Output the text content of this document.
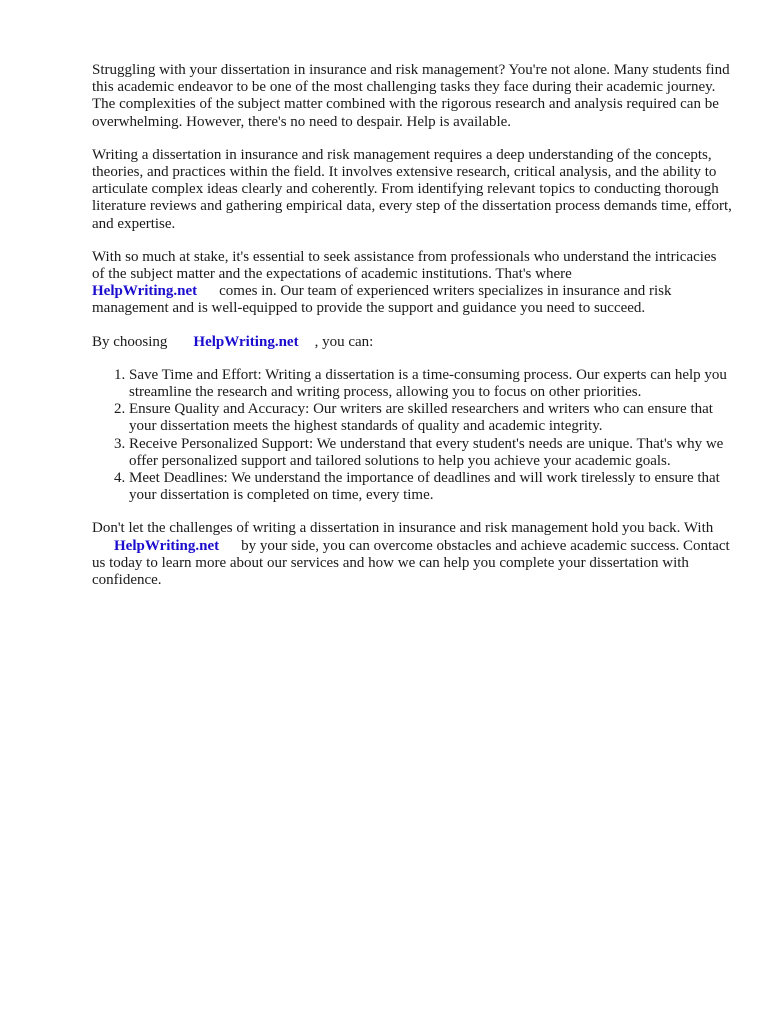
Struggling with your dissertation in insurance and risk management? You're not alone. Many students find this academic endeavor to be one of the most challenging tasks they face during their academic journey. The complexities of the subject matter combined with the rigorous research and analysis required can be overwhelming. However, there's no need to despair. Help is available.

Writing a dissertation in insurance and risk management requires a deep understanding of the concepts, theories, and practices within the field. It involves extensive research, critical analysis, and the ability to articulate complex ideas clearly and coherently. From identifying relevant topics to conducting thorough literature reviews and gathering empirical data, every step of the dissertation process demands time, effort, and expertise.

With so much at stake, it's essential to seek assistance from professionals who understand the intricacies of the subject matter and the expectations of academic institutions. That's where
HelpWriting.net comes in. Our team of experienced writers specializes in insurance and risk management and is well-equipped to provide the support and guidance you need to succeed.

By choosing HelpWriting.net , you can:

1. Save Time and Effort: Writing a dissertation is a time-consuming process. Our experts can help you streamline the research and writing process, allowing you to focus on other priorities.
2. Ensure Quality and Accuracy: Our writers are skilled researchers and writers who can ensure that your dissertation meets the highest standards of quality and academic integrity.
3. Receive Personalized Support: We understand that every student's needs are unique. That's why we offer personalized support and tailored solutions to help you achieve your academic goals.
4. Meet Deadlines: We understand the importance of deadlines and will work tirelessly to ensure that your dissertation is completed on time, every time.

Don't let the challenges of writing a dissertation in insurance and risk management hold you back. WithHelpWriting.net by your side, you can overcome obstacles and achieve academic success. Contact us today to learn more about our services and how we can help you complete your dissertation with confidence.
